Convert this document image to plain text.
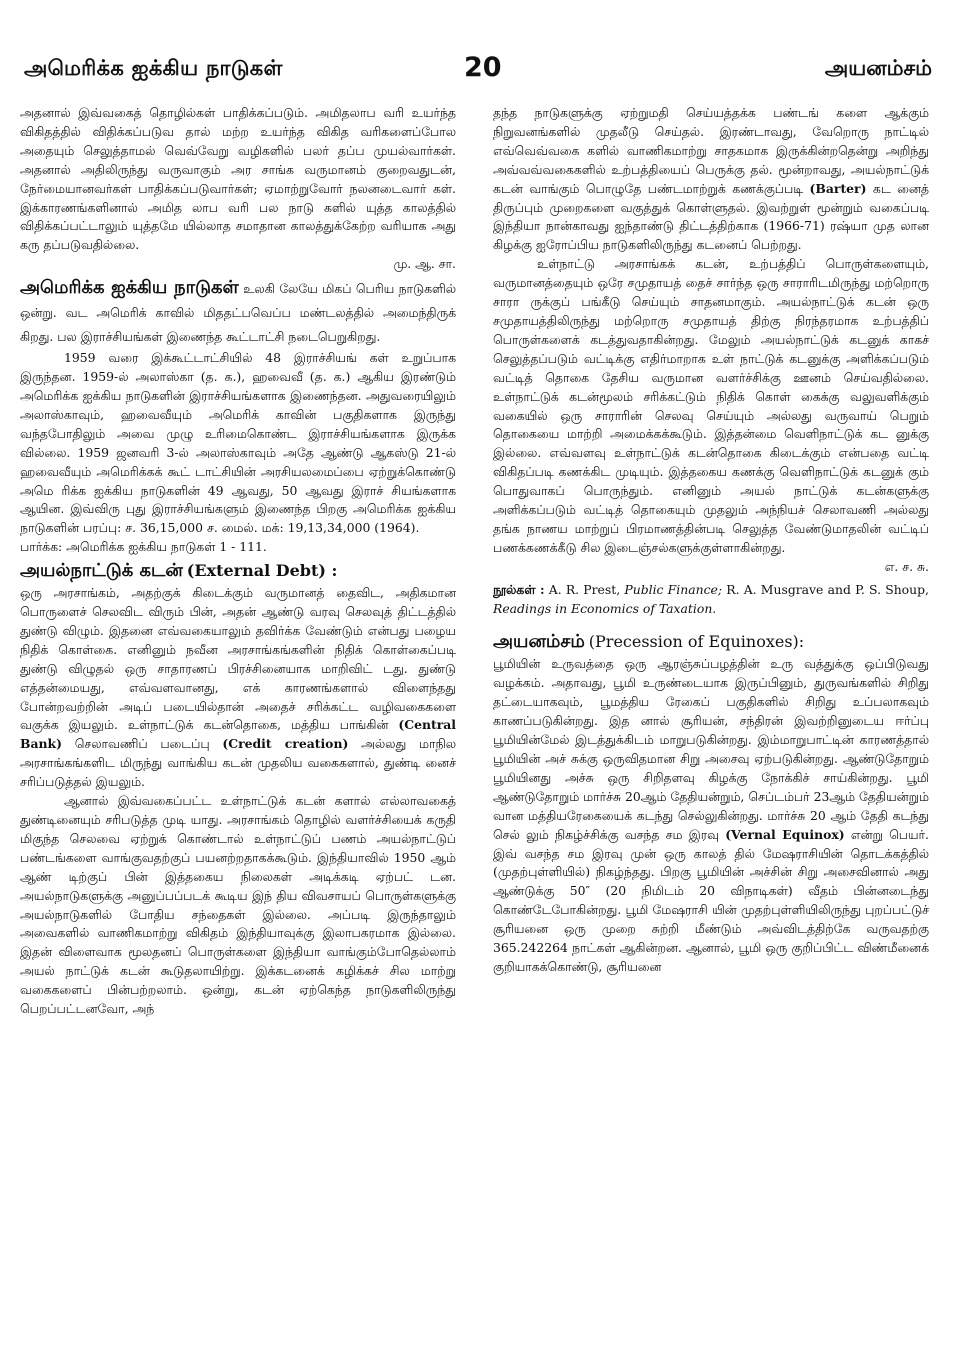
அமெரிக்க ஐக்கிய நாடுகள்	20	அயனம்சம்

அதனால் இவ்வகைத் தொழில்கள் பாதிக்கப்படும். அமிதலாப வரி உயர்ந்த விகிதத்தில் விதிக்கப்படுவ தால் மற்ற உயர்ந்த விகித வரிகளைப்போல அதையும் செலுத்தாமல் வெவ்வேறு வழிகளில் பலர் தப்ப முயல்வார்கள். அதனால் அதிலிருந்து வருவாகும் அர சாங்க வருமானம் குறைவதுடன், நேர்மையானவர்கள் பாதிக்கப்படுவார்கள்; ஏமாற்றுவோர் நலனடைவார் கள். இக்காரணங்களினால் அமித லாப வரி பல நாடு களில் யுத்த காலத்தில் விதிக்கப்பட்டாலும் யுத்தமே யில்லாத சமாதான காலத்துக்கேற்ற வரியாக அது கரு தப்படுவதில்லை.

மு. ஆ. சா.

அமெரிக்க ஐக்கிய நாடுகள் உலகி லேயே மிகப் பெரிய நாடுகளில் ஒன்று. வட அமெரிக் காவில் மிததட்பவெப்ப மண்டலத்தில் அமைந்திருக் கிறது. பல இராச்சியங்கள் இணைந்த கூட்டாட்சி நடைபெறுகிறது.

1959 வரை இக்கூட்டாட்சியில் 48 இராச்சியங் கள் உறுப்பாக இருந்தன. 1959-ல் அலாஸ்கா (த. க.), ஹவைவீ (த. க.) ஆகிய இரண்டும் அமெரிக்க ஐக்கிய நாடுகளின் இராச்சியங்களாக இணைந்தன. அதுவரையிலும் அலாஸ்காவும், ஹவைவீயும் அமெரிக் காவின் பகுதிகளாக இருந்து வந்தபோதிலும் அவை முழு உரிமைகொண்ட இராச்சியங்களாக இருக்க வில்லை. 1959 ஜனவரி 3-ல் அலாஸ்காவும் அதே ஆண்டு ஆகஸ்டு 21-ல் ஹவைவீயும் அமெரிக்கக் கூட் டாட்சியின் அரசியலமைப்பை ஏற்றுக்கொண்டு அமெ ரிக்க ஐக்கிய நாடுகளின் 49 ஆவது, 50 ஆவது இராச் சியங்களாக ஆயின. இவ்விரு புது இராச்சியங்களும் இணைந்த பிறகு அமெரிக்க ஐக்கிய நாடுகளின் பரப்பு: ச. 36,15,000 ச. மைல். மக்: 19,13,34,000 (1964).

பார்க்க: அமெரிக்க ஐக்கிய நாடுகள் 1 - 111.

அயல்நாட்டுக் கடன் (External Debt) :

ஒரு அரசாங்கம், அதற்குக் கிடைக்கும் வருமானத் தைவிட, அதிகமான பொருளைச் செலவிட விரும் பின், அதன் ஆண்டு வரவு செலவுத் திட்டத்தில் துண்டு விழும். இதனை எவ்வகையாலும் தவிர்க்க வேண்டும் என்பது பழைய நிதிக் கொள்கை. எனினும் நவீன அரசாங்கங்களின் நிதிக் கொள்கைப்படி துண்டு விழுதல் ஒரு சாதாரணப் பிரச்சினையாக மாறிவிட் டது. துண்டு எத்தன்மையது, எவ்வளவானது, எக் காரணங்களால் விளைந்தது போன்றவற்றின் அடிப் படையில்தான் அதைச் சரிக்கட்ட வழிவகைகளை வகுக்க இயலும். உள்நாட்டுக் கடன்தொகை, மத்திய பாங்கின் (Central Bank) செலாவணிப் படைப்பு (Credit creation) அல்லது மாநில அரசாங்கங்களிட மிருந்து வாங்கிய கடன் முதலிய வகைகளால், துண்டி னைச் சரிப்படுத்தல் இயலும்.

ஆனால் இவ்வகைப்பட்ட உள்நாட்டுக் கடன் களால் எல்லாவகைத் துண்டினையும் சரிபடுத்த முடி யாது. அரசாங்கம் தொழில் வளர்ச்சியைக் கருதி மிகுந்த செலவை ஏற்றுக் கொண்டால் உள்நாட்டுப் பணம் அயல்நாட்டுப் பண்டங்களை வாங்குவதற்குப் பயனற்றதாகக்கூடும். இந்தியாவில் 1950 ஆம் ஆண் டிற்குப் பின் இத்தகைய நிலைகள் அடிக்கடி ஏற்பட் டன. அயல்நாடுகளுக்கு அனுப்பப்படக் கூடிய இந் திய விவசாயப் பொருள்களுக்கு அயல்நாடுகளில் போதிய சந்தைகள் இல்லை. அப்படி இருந்தாலும் அவைகளில் வாணிகமாற்று விகிதம் இந்தியாவுக்கு இலாபகரமாக இல்லை. இதன் விளைவாக மூலதனப் பொருள்களை இந்தியா வாங்கும்போதெல்லாம் அயல் நாட்டுக் கடன் கூடுதலாயிற்று. இக்கடனைக் கழிக்கச் சில மாற்று வகைகளைப் பின்பற்றலாம். ஒன்று, கடன் ஏற்கெந்த நாடுகளிலிருந்து பெறப்பட்டனவோ, அந்

தந்த நாடுகளுக்கு ஏற்றுமதி செய்யத்தக்க பண்டங் களை ஆக்கும் நிறுவனங்களில் முதலீடு செய்தல். இரண்டாவது, வேறொரு நாட்டில் எவ்வெவ்வகை களில் வாணிகமாற்று சாதகமாக இருக்கின்றதென்று அறிந்து அவ்வவ்வகைகளில் உற்பத்தியைப் பெருக்கு தல். மூன்றாவது, அயல்நாட்டுக் கடன் வாங்கும் பொழுதே பண்டமாற்றுக் கணக்குப்படி (Barter) கட னைத் திருப்பும் முறைகளை வகுத்துக் கொள்ளுதல். இவற்றுள் மூன்றும் வகைப்படி இந்தியா நான்காவது ஐந்தாண்டு திட்டத்திற்காக (1966-71) ரஷ்யா முத லான கிழக்கு ஐரோப்பிய நாடுகளிலிருந்து கடனைப் பெற்றது.

உள்நாட்டு அரசாங்கக் கடன், உற்பத்திப் பொருள்களையும், வருமானத்தையும் ஒரே சமுதாயத் தைச் சார்ந்த ஒரு சாராரிடமிருந்து மற்றொரு சாரா ருக்குப் பங்கீடு செய்யும் சாதனமாகும். அயல்நாட்டுக் கடன் ஒரு சமுதாயத்திலிருந்து மற்றொரு சமுதாயத் திற்கு நிரந்தரமாக உற்பத்திப் பொருள்களைக் கடத்துவதாகின்றது. மேலும் அயல்நாட்டுக் கடனுக் காகச் செலுத்தப்படும் வட்டிக்கு எதிர்மாறாக உள் நாட்டுக் கடனுக்கு அளிக்கப்படும் வட்டித் தொகை தேசிய வருமான வளர்ச்சிக்கு ஊனம் செய்வதில்லை. உள்நாட்டுக் கடன்மூலம் சரிக்கட்டும் நிதிக் கொள் கைக்கு வலுவளிக்கும் வகையில் ஒரு சாராரின் செலவு செய்யும் அல்லது வருவாய் பெறும் தொகையை மாற்றி அமைக்கக்கூடும். இத்தன்மை வெளிநாட்டுக் கட னுக்கு இல்லை. எவ்வளவு உள்நாட்டுக் கடன்தொகை கிடைக்கும் என்பதை வட்டி விகிதப்படி கணக்கிட முடியும். இத்தகைய கணக்கு வெளிநாட்டுக் கடனுக் கும் பொதுவாகப் பொருந்தும். எனினும் அயல் நாட்டுக் கடன்களுக்கு அளிக்கப்படும் வட்டித் தொகையும் முதலும் அந்நியச் செலாவணி அல்லது தங்க நாணய மாற்றுப் பிரமாணத்தின்படி செலுத்த வேண்டுமாதலின் வட்டிப் பணக்கணக்கீடு சில இடைஞ்சல்களுக்குள்ளாகின்றது.

எ. ச. சு.

நூல்கள் : A. R. Prest, Public Finance; R. A. Musgrave and P. S. Shoup, Readings in Economics of Taxation.

அயனம்சம் (Precession of Equinoxes):

பூமியின் உருவத்தை ஒரு ஆரஞ்சுப்பழத்தின் உரு வத்துக்கு ஒப்பிடுவது வழக்கம். அதாவது, பூமி உருண்டையாக இருப்பினும், துருவங்களில் சிறிது தட்டையாகவும், பூமத்திய ரேகைப் பகுதிகளில் சிறிது உப்பலாகவும் காணப்படுகின்றது. இத னால் சூரியன், சந்திரன் இவற்றினுடைய ஈர்ப்பு பூமியின்மேல் இடத்துக்கிடம் மாறுபடுகின்றது. இம்மாறுபாட்டின் காரணத்தால் பூமியின் அச் சுக்கு ஒருவிதமான சிறு அசைவு ஏற்படுகின்றது. ஆண்டுதோறும் பூமியினது அச்சு ஒரு சிறிதளவு கிழக்கு நோக்கிச் சாய்கின்றது. பூமி ஆண்டுதோறும் மார்ச்சு 20ஆம் தேதியன்றும், செப்டம்பர் 23ஆம் தேதியன்றும் வான மத்தியரேகையைக் கடந்து செல்லுகின்றது. மார்ச்சு 20 ஆம் தேதி கடந்து செல் லும் நிகழ்ச்சிக்கு வசந்த சம இரவு (Vernal Equinox) என்று பெயர். இவ் வசந்த சம இரவு முன் ஒரு காலத் தில் மேஷராசியின் தொடக்கத்தில் (முதற்புள்ளியில்) நிகழ்ந்தது. பிறகு பூமியின் அச்சின் சிறு அசைவினால் அது ஆண்டுக்கு 50″ (20 நிமிடம் 20 விநாடிகள்) வீதம் பின்னடைந்து கொண்டேபோகின்றது. பூமி மேஷராசி யின் முதற்புள்ளியிலிருந்து புறப்பட்டுச் சூரியனை ஒரு முறை சுற்றி மீண்டும் அவ்விடத்திற்கே வருவதற்கு 365.242264 நாட்கள் ஆகின்றன. ஆனால், பூமி ஒரு குறிப்பிட்ட விண்மீனைக் குறியாகக்கொண்டு, சூரியனை
